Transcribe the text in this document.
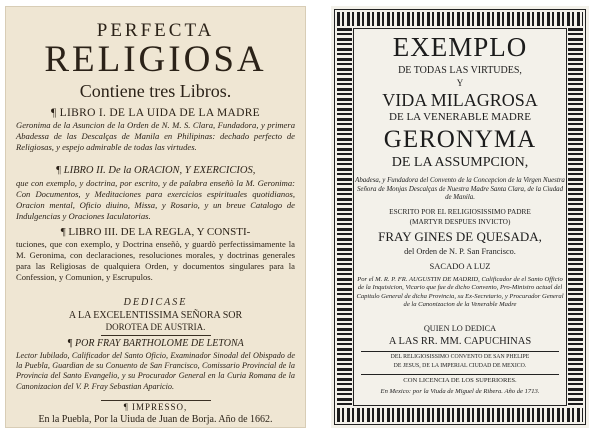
PERFECTA
RELIGIOSA
Contiene tres Libros.
¶ LIBRO I. DE LA UIDA DE LA MADRE
Geronima de la Asuncion de la Orden de N. M. S. Clara, Fundadora, y primera Abadessa de las Descalças de Manila en Philipinas: dechado perfecto de Religiosas, y espejo admirable de todas las virtudes.
¶ LIBRO II. De la ORACION, Y EXERCICIOS,
que con exemplo, y doctrina, por escrito, y de palabra enseñò la M. Geronima: Con Documentos, y Meditaciones para exercicios espirituales quotidianos, Oracion mental, Oficio diuino, Missa, y Rosario, y un breue Catalogo de Indulgencias y Oraciones Iaculatorias.
¶ LIBRO III. DE LA REGLA, Y CONSTI-
tuciones, que con exemplo, y Doctrina enseñò, y guardò perfectissimamente la M. Geronima, con declaraciones, resoluciones morales, y doctrinas generales para las Religiosas de qualquiera Orden, y documentos singulares para la Confession, y Comunion, y Escrupulos.
DEDICASE
A LA EXCELENTISSIMA SEÑORA SOR
DOROTEA DE AUSTRIA.
¶ POR FRAY BARTHOLOME DE LETONA
Lector Iubilado, Calificador del Santo Oficio, Examinador Sinodal del Obispado de la Puebla, Guardian de su Conuento de San Francisco, Comissario Provincial de la Provincia del Santo Evangelio, y su Procurador General en la Curia Romana de la Canonizacion del V. P. Fray Sebastian Aparicio.
¶ IMPRESSO,
En la Puebla, Por la Uiuda de Juan de Borja. Año de 1662.
EXEMPLO
DE TODAS LAS VIRTUDES,
Y
VIDA MILAGROSA
DE LA VENERABLE MADRE
GERONYMA
DE LA ASSUMPCION,
Abadesa, y Fundadora del Convento de la Concepcion de la Virgen Nuestra Señora de Monjas Descalças de Nuestra Madre Santa Clara, de la Ciudad de Manila.
ESCRITO POR EL RELIGIOSISSIMO PADRE
(MARTYR DESPUES INVICTO)
FRAY GINES DE QUESADA,
del Orden de N. P. San Francisco.
SACADO A LUZ
Por el M. R. P. FR. AUGUSTIN DE MADRID, Calificador de el Santo Officio de la Inquisicion, Vicario que fue de dicho Convento, Pro-Ministro actual del Capitulo General de dicha Provincia, su Ex-Secretario, y Procurador General de la Canonizacion de la Venerable Madre
QUIEN LO DEDICA
A LAS RR. MM. CAPUCHINAS
DEL RELIGIOSISSIMO CONVENTO DE SAN PHELIPE
DE JESUS, DE LA IMPERIAL CIUDAD DE MEXICO.
CON LICENCIA DE LOS SUPERIORES.
En Mexico: por la Viuda de Miguel de Ribera. Año de 1713.
